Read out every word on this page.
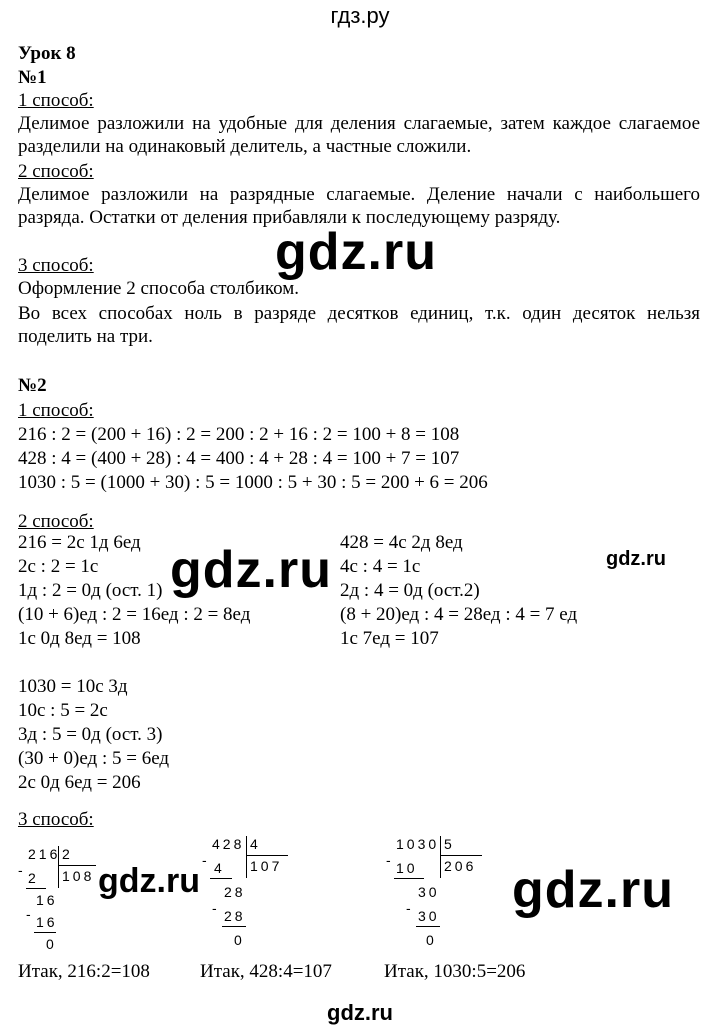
гдз.ру
Урок 8
№1
1 способ:
Делимое разложили на удобные для деления слагаемые, затем каждое слагаемое разделили на одинаковый делитель, а частные сложили.
2 способ:
Делимое разложили на разрядные слагаемые. Деление начали с наибольшего разряда. Остатки от деления прибавляли к последующему разряду.
3 способ:
Оформление 2 способа столбиком.
Во всех способах ноль в разряде десятков единиц, т.к. один десяток нельзя поделить на три.
gdz.ru
№2
1 способ:
216 : 2 = (200 + 16) : 2 = 200 : 2 + 16 : 2 = 100 + 8 = 108
428 : 4 = (400 + 28) : 4 = 400 : 4 + 28 : 4 = 100 + 7 = 107
1030 : 5 = (1000 + 30) : 5 = 1000 : 5 + 30 : 5 = 200 + 6 = 206
2 способ:
216 = 2с 1д 6ед
2с : 2 = 1с
1д : 2 = 0д (ост. 1)
(10 + 6)ед : 2 = 16ед : 2 = 8ед
1с 0д 8ед = 108
428 = 4с 2д 8ед
4с : 4 = 1с
2д : 4 = 0д (ост.2)
(8 + 20)ед : 4 = 28ед : 4 = 7 ед
1с 7ед = 107
gdz.ru	gdz.ru
1030 = 10с 3д
10с : 5 = 2с
3д : 5 = 0д (ост. 3)
(30 + 0)ед : 5 = 6ед
2с 0д 6ед = 206
3 способ:
216 2
108
- 2
16
- 16
0
428 4
107
- 4
28
- 28
0
1030 5
206
- 10
30
- 30
0
gdz.ru	gdz.ru
Итак, 216:2=108	Итак, 428:4=107	Итак, 1030:5=206
gdz.ru
